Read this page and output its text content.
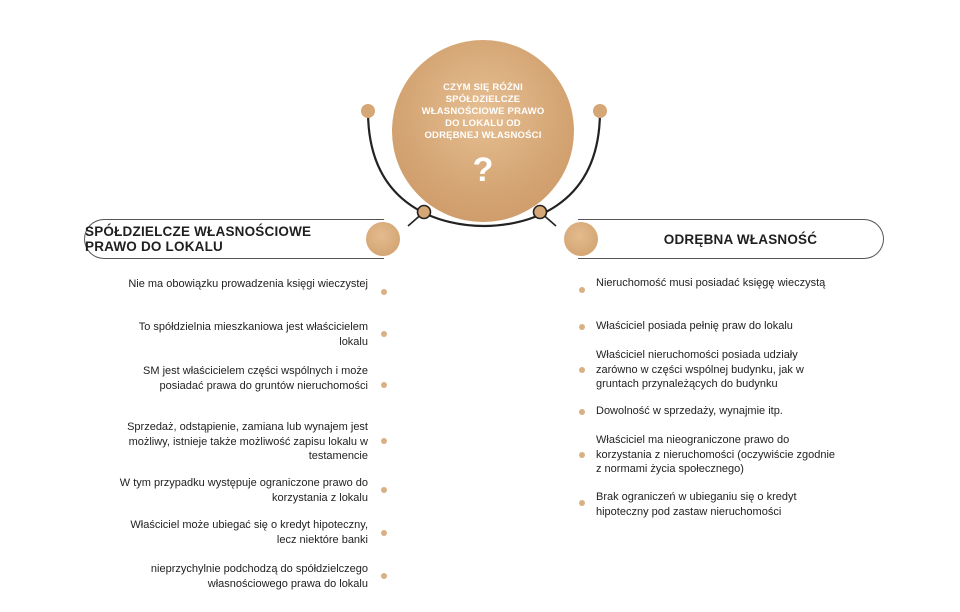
CZYM SIĘ RÓŻNI SPÓŁDZIELCZE WŁASNOŚCIOWE PRAWO DO LOKALU OD ODRĘBNEJ WŁASNOŚCI
?
SPÓŁDZIELCZE WŁASNOŚCIOWE PRAWO DO LOKALU	ODRĘBNA WŁASNOŚĆ
Nie ma obowiązku prowadzenia księgi wieczystej
To spółdzielnia mieszkaniowa jest właścicielem lokalu
SM jest właścicielem części wspólnych i może posiadać prawa do gruntów nieruchomości
Sprzedaż, odstąpienie, zamiana lub wynajem jest możliwy, istnieje także możliwość zapisu lokalu w testamencie
W tym przypadku występuje ograniczone prawo do korzystania z lokalu
Właściciel może ubiegać się o kredyt hipoteczny, lecz niektóre banki
nieprzychylnie podchodzą do spółdzielczego własnościowego prawa do lokalu
Nieruchomość musi posiadać księgę wieczystą
Właściciel posiada pełnię praw do lokalu
Właściciel nieruchomości posiada udziały zarówno w części wspólnej budynku, jak w gruntach przynależących do budynku
Dowolność w sprzedaży, wynajmie itp.
Właściciel ma nieograniczone prawo do korzystania z nieruchomości (oczywiście zgodnie z normami życia społecznego)
Brak ograniczeń w ubieganiu się o kredyt hipoteczny pod zastaw nieruchomości
